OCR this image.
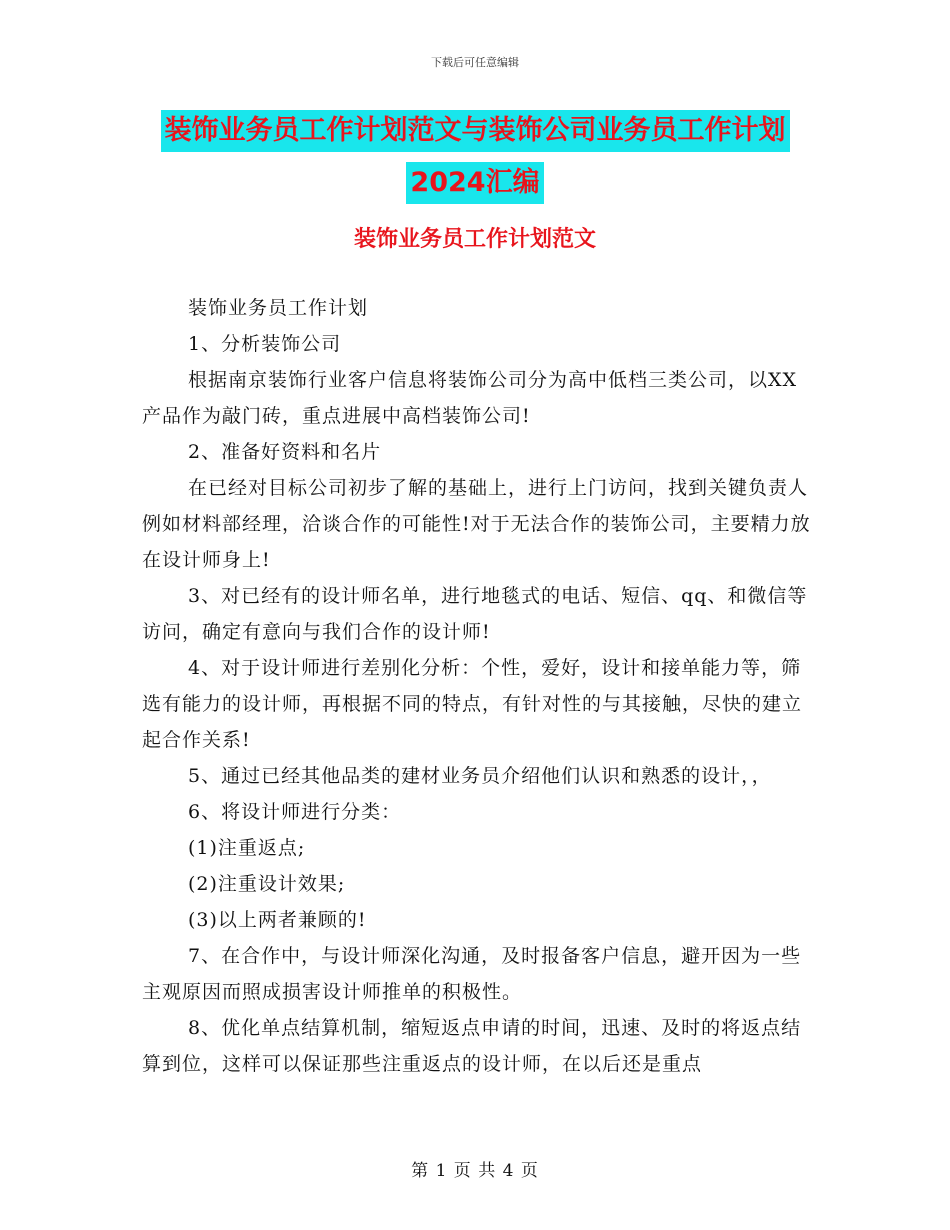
下载后可任意编辑
装饰业务员工作计划范文与装饰公司业务员工作计划
2024汇编
装饰业务员工作计划范文

装饰业务员工作计划

1、分析装饰公司

根据南京装饰行业客户信息将装饰公司分为高中低档三类公司，以XX产品作为敲门砖，重点进展中高档装饰公司!

2、准备好资料和名片

在已经对目标公司初步了解的基础上，进行上门访问，找到关键负责人例如材料部经理，洽谈合作的可能性!对于无法合作的装饰公司，主要精力放在设计师身上!

3、对已经有的设计师名单，进行地毯式的电话、短信、qq、和微信等访问，确定有意向与我们合作的设计师!

4、对于设计师进行差别化分析：个性，爱好，设计和接单能力等，筛选有能力的设计师，再根据不同的特点，有针对性的与其接触，尽快的建立起合作关系!

5、通过已经其他品类的建材业务员介绍他们认识和熟悉的设计，，

6、将设计师进行分类：

(1)注重返点;

(2)注重设计效果;

(3)以上两者兼顾的!

7、在合作中，与设计师深化沟通，及时报备客户信息，避开因为一些主观原因而照成损害设计师推单的积极性。

8、优化单点结算机制，缩短返点申请的时间，迅速、及时的将返点结算到位，这样可以保证那些注重返点的设计师，在以后还是重点

第 1 页 共 4 页
